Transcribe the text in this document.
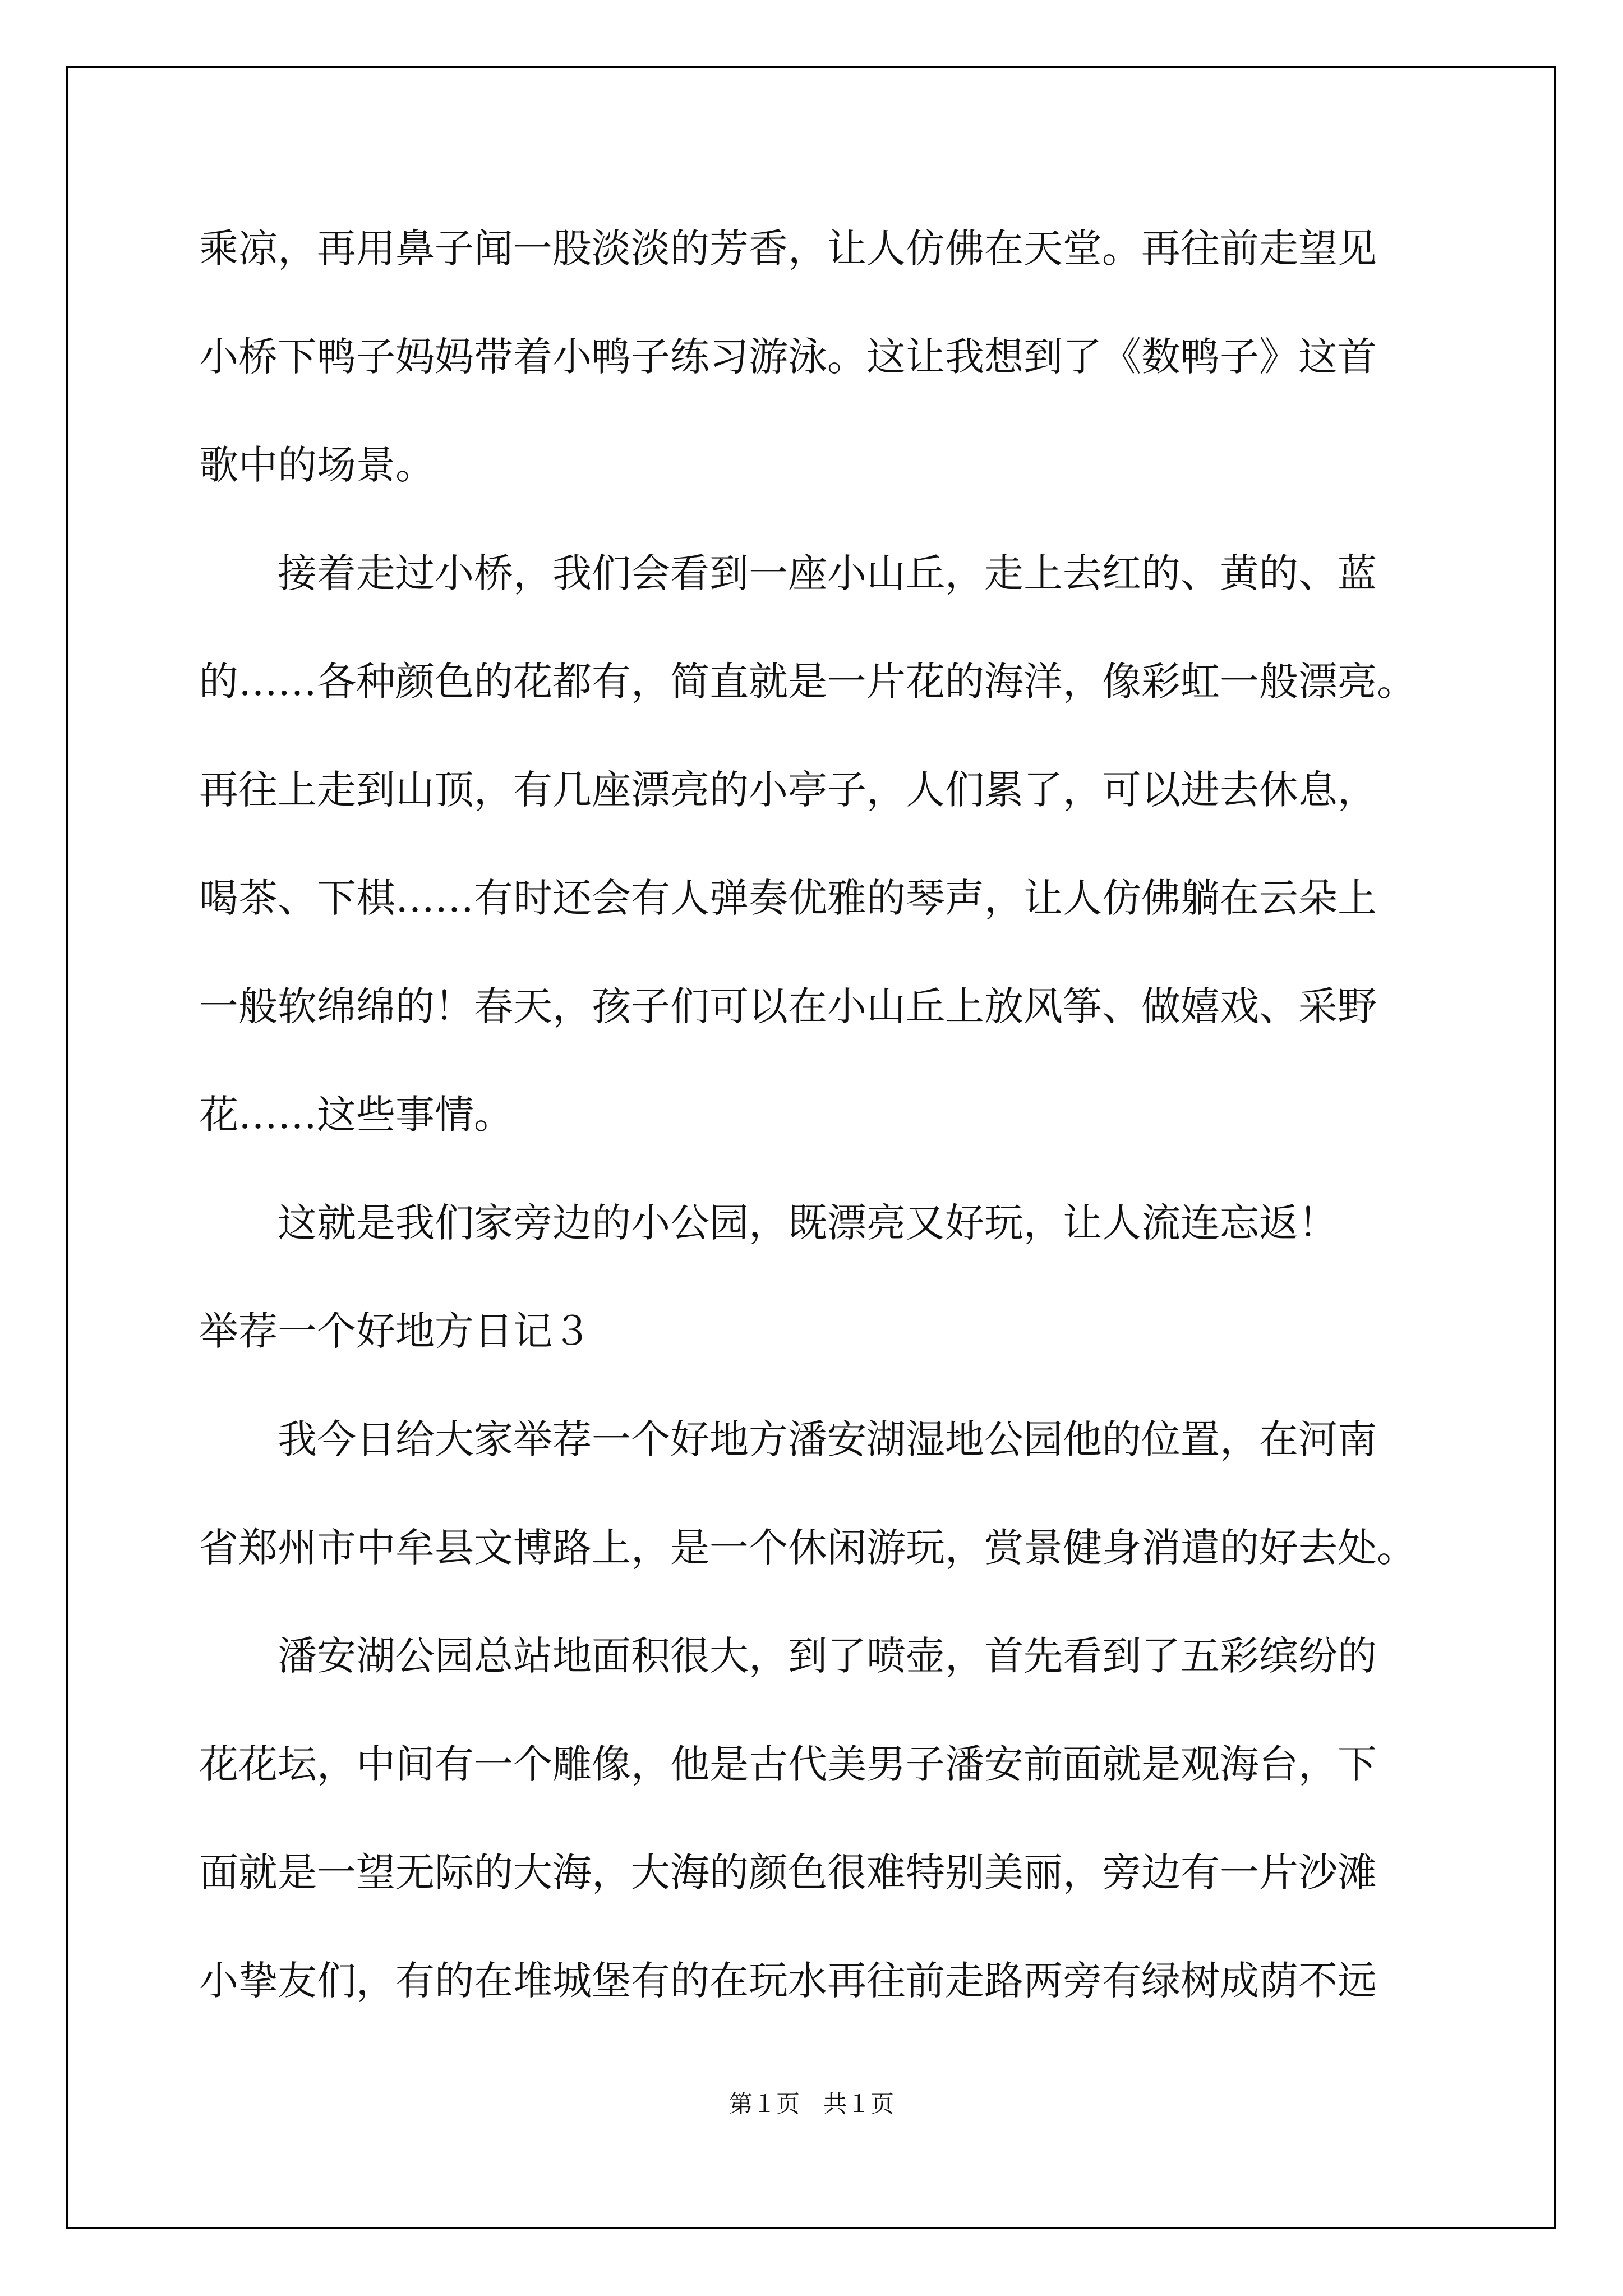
乘凉，再用鼻子闻一股淡淡的芳香，让人仿佛在天堂。再往前走望见
小桥下鸭子妈妈带着小鸭子练习游泳。这让我想到了《数鸭子》这首
歌中的场景。
接着走过小桥，我们会看到一座小山丘，走上去红的、黄的、蓝
的……各种颜色的花都有，简直就是一片花的海洋，像彩虹一般漂亮。
再往上走到山顶，有几座漂亮的小亭子，人们累了，可以进去休息，
喝茶、下棋……有时还会有人弹奏优雅的琴声，让人仿佛躺在云朵上
一般软绵绵的！春天，孩子们可以在小山丘上放风筝、做嬉戏、采野
花……这些事情。
这就是我们家旁边的小公园，既漂亮又好玩，让人流连忘返！
举荐一个好地方日记３
我今日给大家举荐一个好地方潘安湖湿地公园他的位置，在河南
省郑州市中牟县文博路上，是一个休闲游玩，赏景健身消遣的好去处。
潘安湖公园总站地面积很大，到了喷壶，首先看到了五彩缤纷的
花花坛，中间有一个雕像，他是古代美男子潘安前面就是观海台，下
面就是一望无际的大海，大海的颜色很难特别美丽，旁边有一片沙滩
小挚友们，有的在堆城堡有的在玩水再往前走路两旁有绿树成荫不远
第１页　共１页
